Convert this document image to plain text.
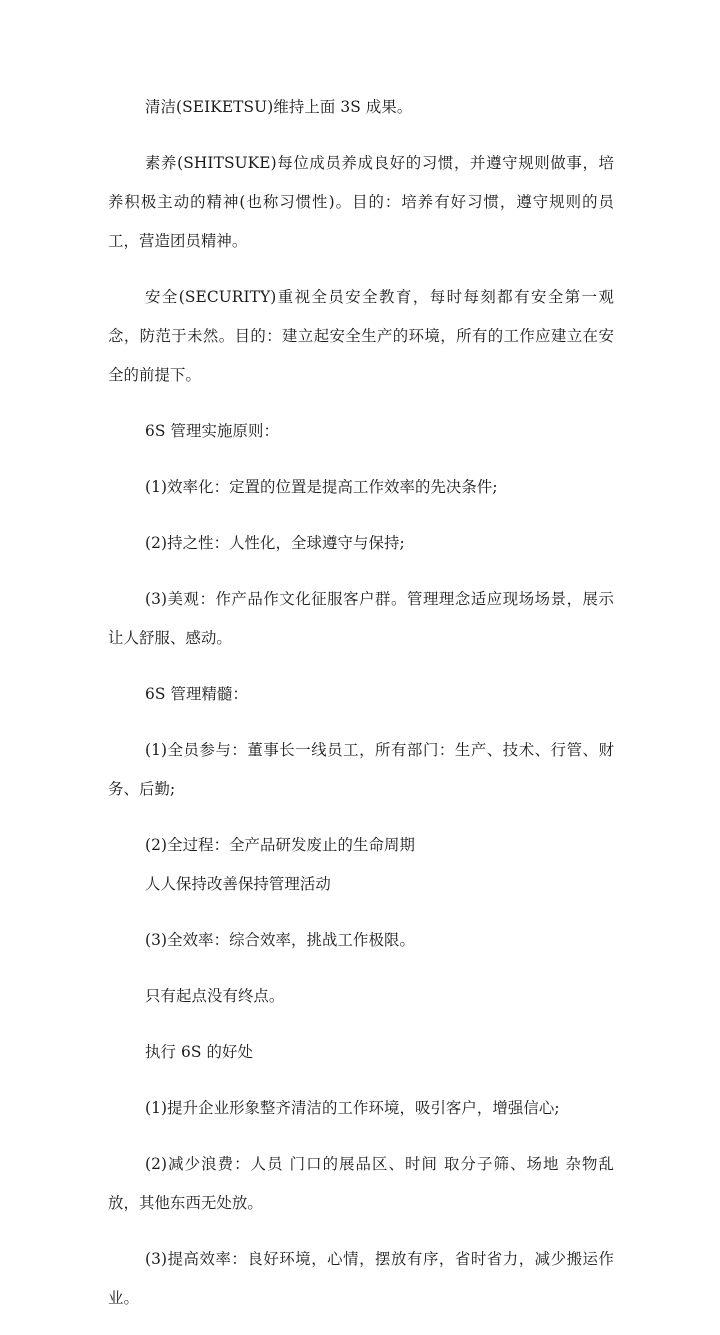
清洁(SEIKETSU)维持上面 3S 成果。

素养(SHITSUKE)每位成员养成良好的习惯，并遵守规则做事，培养积极主动的精神(也称习惯性)。目的：培养有好习惯，遵守规则的员工，营造团员精神。

安全(SECURITY)重视全员安全教育，每时每刻都有安全第一观念，防范于未然。目的：建立起安全生产的环境，所有的工作应建立在安全的前提下。

6S 管理实施原则：

(1)效率化：定置的位置是提高工作效率的先决条件;

(2)持之性：人性化，全球遵守与保持;

(3)美观：作产品作文化征服客户群。管理理念适应现场场景，展示让人舒服、感动。

6S 管理精髓：

(1)全员参与：董事长一线员工，所有部门：生产、技术、行管、财务、后勤;

(2)全过程：全产品研发废止的生命周期

人人保持改善保持管理活动

(3)全效率：综合效率，挑战工作极限。

只有起点没有终点。

执行 6S 的好处

(1)提升企业形象整齐清洁的工作环境，吸引客户，增强信心;

(2)减少浪费：人员 门口的展品区、时间 取分子筛、场地 杂物乱放，其他东西无处放。

(3)提高效率：良好环境，心情，摆放有序，省时省力，减少搬运作业。
